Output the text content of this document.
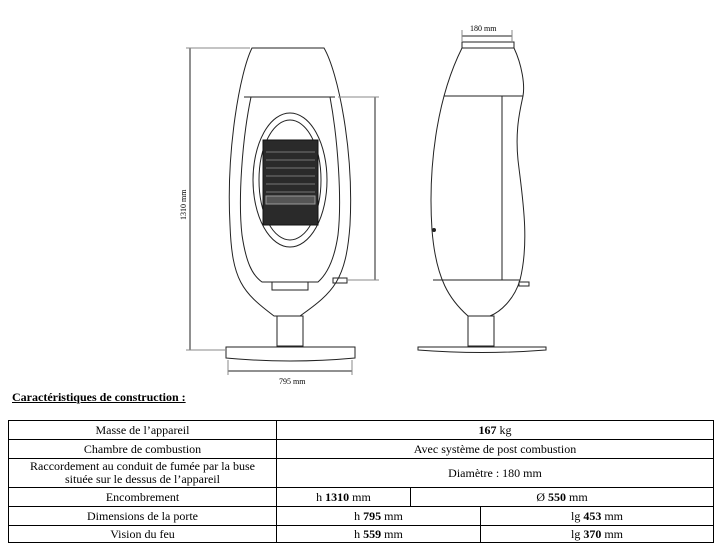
180 mm
1310 mm
795 mm
Caractéristiques de construction :
Masse de l’appareil	167 kg		
Chambre de combustion	Avec système de post combustion		
Raccordement au conduit de fumée par la buse
située sur le dessus de l’appareil	Diamètre : 180 mm		
Encombrement	h 1310 mm	Ø 550 mm	
Dimensions de la porte	h 795 mm		lg 453 mm
Vision du feu	h 559 mm		lg 370 mm
